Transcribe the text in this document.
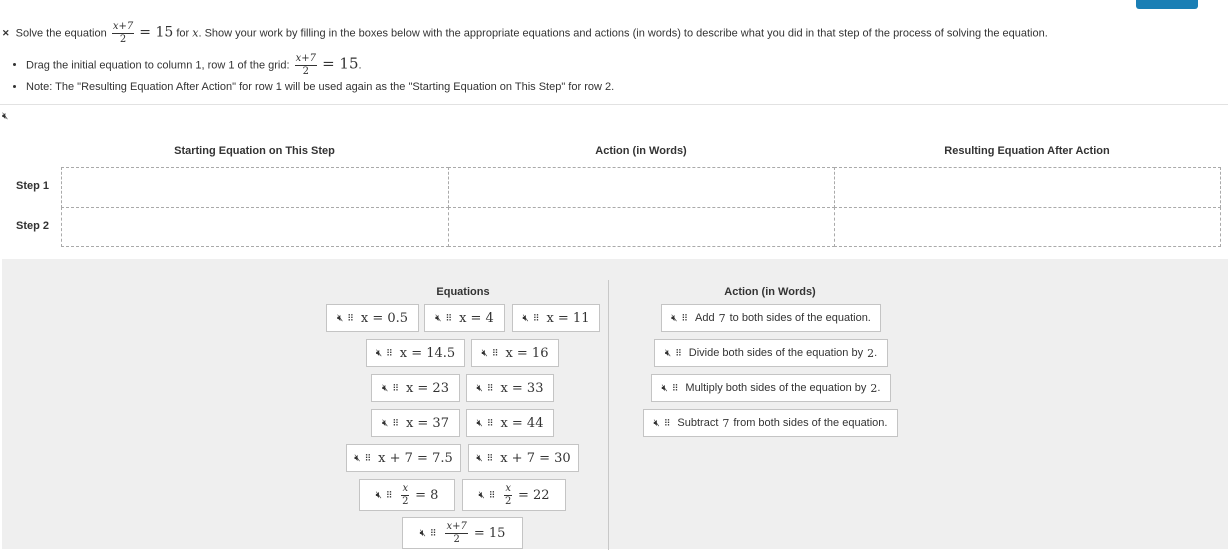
✕ Solve the equation $\frac{x+7}{2} = 15$ for x. Show your work by filling in the boxes below with the appropriate equations and actions (in words) to describe what you did in that step of the process of solving the equation.
• Drag the initial equation to column 1, row 1 of the grid: $\frac{x+7}{2} = 15$.
• Note: The "Resulting Equation After Action" for row 1 will be used again as the "Starting Equation on This Step" for row 2.
🔇︎
Starting Equation on This Step	Action (in Words)	Resulting Equation After Action
Step 1
Step 2
Equations	Action (in Words)
🔇︎ ⠿ x = 0.5	🔇︎ ⠿ x = 4	🔇︎ ⠿ x = 11
🔇︎ ⠿ x = 14.5	🔇︎ ⠿ x = 16
🔇︎ ⠿ x = 23	🔇︎ ⠿ x = 33
🔇︎ ⠿ x = 37	🔇︎ ⠿ x = 44
🔇︎ ⠿ x + 7 = 7.5 🔇︎ ⠿ x + 7 = 30
🔇︎ ⠿ $\frac{x}{2} = 8$	🔇︎ ⠿ $\frac{x}{2} = 22$
🔇︎ ⠿ $\frac{x+7}{2} = 15$
🔇︎ ⠿ Add 7 to both sides of the equation.
🔇︎ ⠿ Divide both sides of the equation by 2 .
🔇︎ ⠿ Multiply both sides of the equation by 2 .
🔇︎ ⠿ Subtract 7 from both sides of the equation.
